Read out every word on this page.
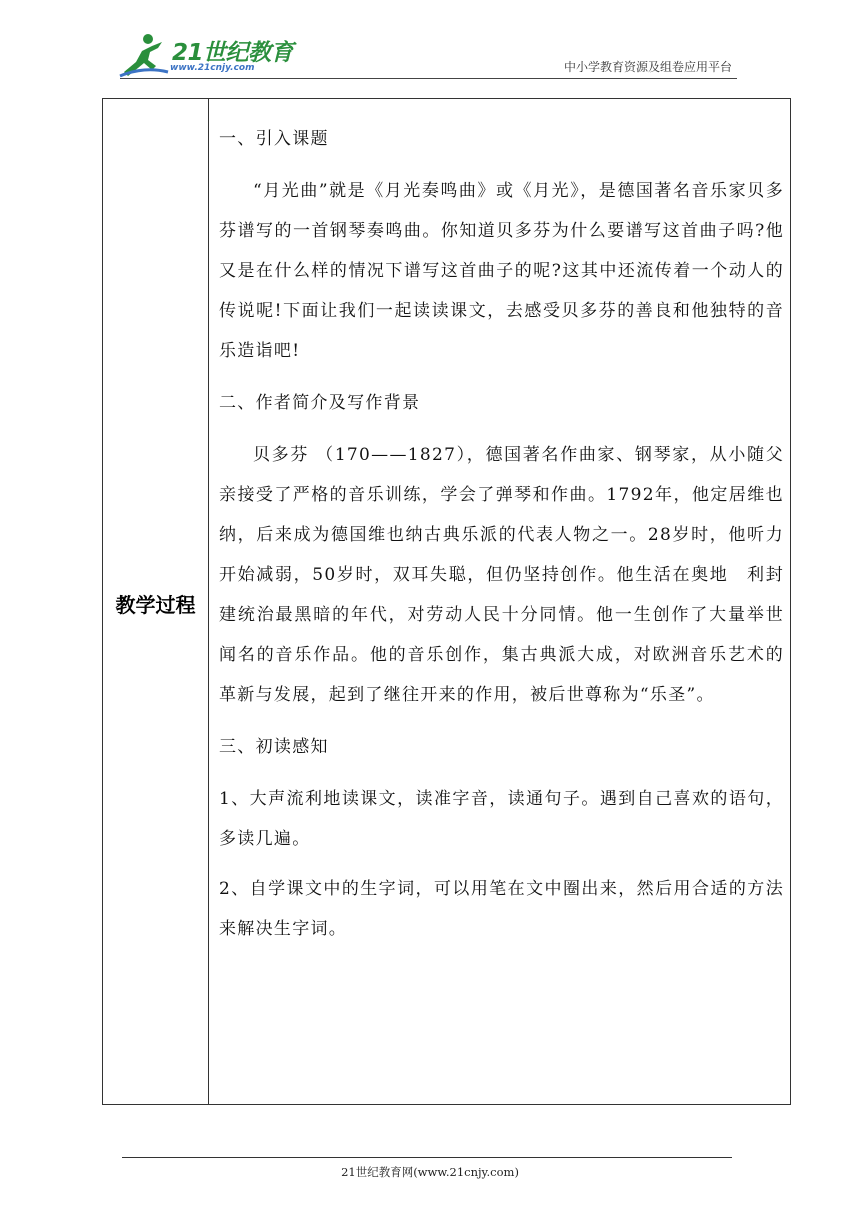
21世纪教育
www.21cnjy.com	中小学教育资源及组卷应用平台
教学过程

一、引入课题

“月光曲”就是《月光奏鸣曲》或《月光》，是德国著名音乐家贝多芬谱写的一首钢琴奏鸣曲。你知道贝多芬为什么要谱写这首曲子吗?他又是在什么样的情况下谱写这首曲子的呢?这其中还流传着一个动人的传说呢!下面让我们一起读读课文，去感受贝多芬的善良和他独特的音乐造诣吧!

二、作者简介及写作背景

贝多芬 （170——1827），德国著名作曲家、钢琴家，从小随父亲接受了严格的音乐训练，学会了弹琴和作曲。1792年，他定居维也纳，后来成为德国维也纳古典乐派的代表人物之一。28岁时，他听力开始减弱，50岁时，双耳失聪，但仍坚持创作。他生活在奥地　利封建统治最黑暗的年代，对劳动人民十分同情。他一生创作了大量举世闻名的音乐作品。他的音乐创作，集古典派大成，对欧洲音乐艺术的革新与发展，起到了继往开来的作用，被后世尊称为“乐圣”。

三、初读感知

1、大声流利地读课文，读准字音，读通句子。遇到自己喜欢的语句，多读几遍。

2、自学课文中的生字词，可以用笔在文中圈出来，然后用合适的方法来解决生字词。

21世纪教育网(www.21cnjy.com)
